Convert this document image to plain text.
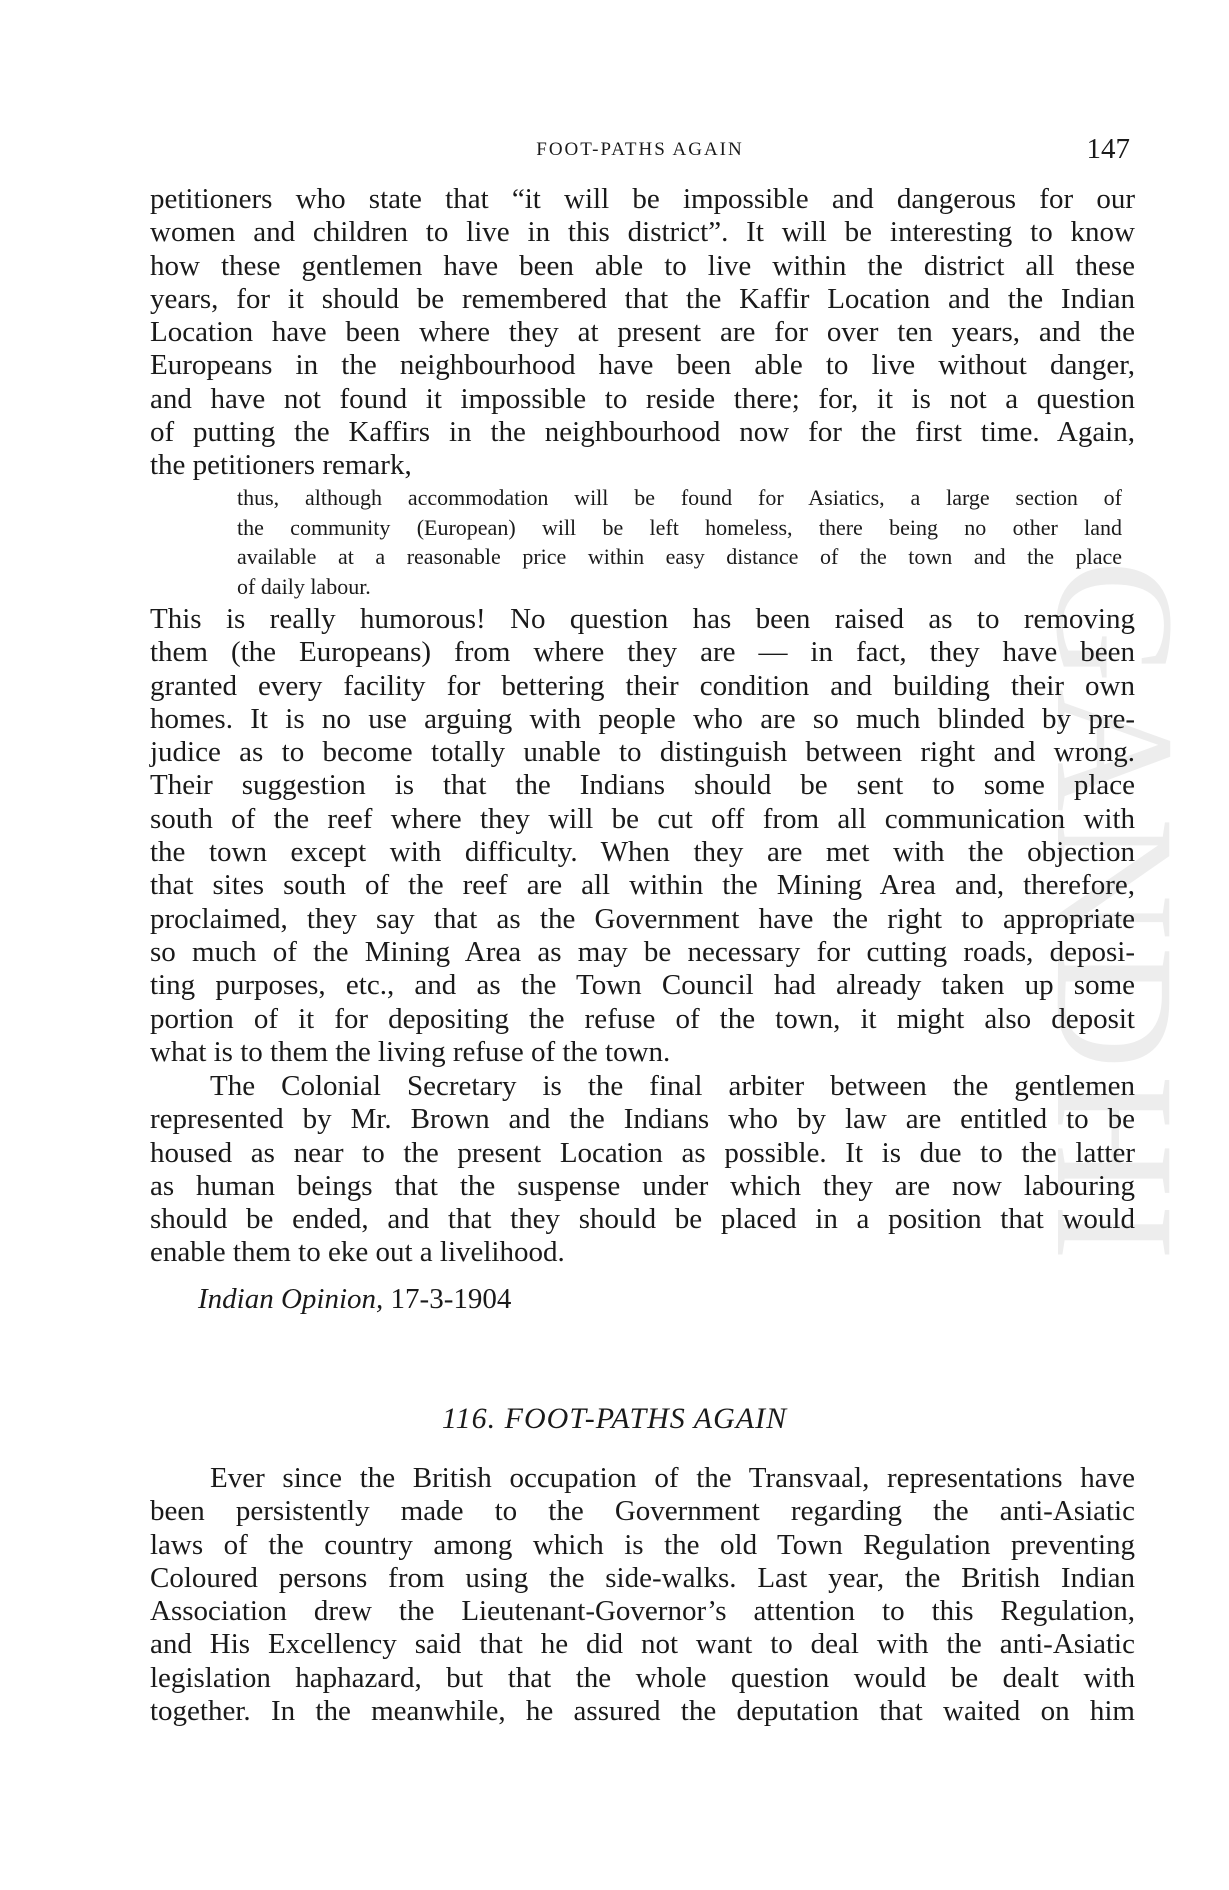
GANDHI
FOOT-PATHS AGAIN	147
petitioners who state that “it will be impossible and dangerous for our
women and children to live in this district”. It will be interesting to know
how these gentlemen have been able to live within the district all these
years, for it should be remembered that the Kaffir Location and the Indian
Location have been where they at present are for over ten years, and the
Europeans in the neighbourhood have been able to live without danger,
and have not found it impossible to reside there; for, it is not a question
of putting the Kaffirs in the neighbourhood now for the first time. Again,
the petitioners remark,
thus, although accommodation will be found for Asiatics, a large section of
the community (European) will be left homeless, there being no other land
available at a reasonable price within easy distance of the town and the place
of daily labour.
This is really humorous! No question has been raised as to removing
them (the Europeans) from where they are — in fact, they have been
granted every facility for bettering their condition and building their own
homes. It is no use arguing with people who are so much blinded by pre-
judice as to become totally unable to distinguish between right and wrong.
Their suggestion is that the Indians should be sent to some place
south of the reef where they will be cut off from all communication with
the town except with difficulty. When they are met with the objection
that sites south of the reef are all within the Mining Area and, therefore,
proclaimed, they say that as the Government have the right to appropriate
so much of the Mining Area as may be necessary for cutting roads, deposi-
ting purposes, etc., and as the Town Council had already taken up some
portion of it for depositing the refuse of the town, it might also deposit
what is to them the living refuse of the town.
The Colonial Secretary is the final arbiter between the gentlemen
represented by Mr. Brown and the Indians who by law are entitled to be
housed as near to the present Location as possible. It is due to the latter
as human beings that the suspense under which they are now labouring
should be ended, and that they should be placed in a position that would
enable them to eke out a livelihood.
Indian Opinion, 17-3-1904
116. FOOT-PATHS AGAIN
Ever since the British occupation of the Transvaal, representations have
been persistently made to the Government regarding the anti-Asiatic
laws of the country among which is the old Town Regulation preventing
Coloured persons from using the side-walks. Last year, the British Indian
Association drew the Lieutenant-Governor’s attention to this Regulation,
and His Excellency said that he did not want to deal with the anti-Asiatic
legislation haphazard, but that the whole question would be dealt with
together. In the meanwhile, he assured the deputation that waited on him
